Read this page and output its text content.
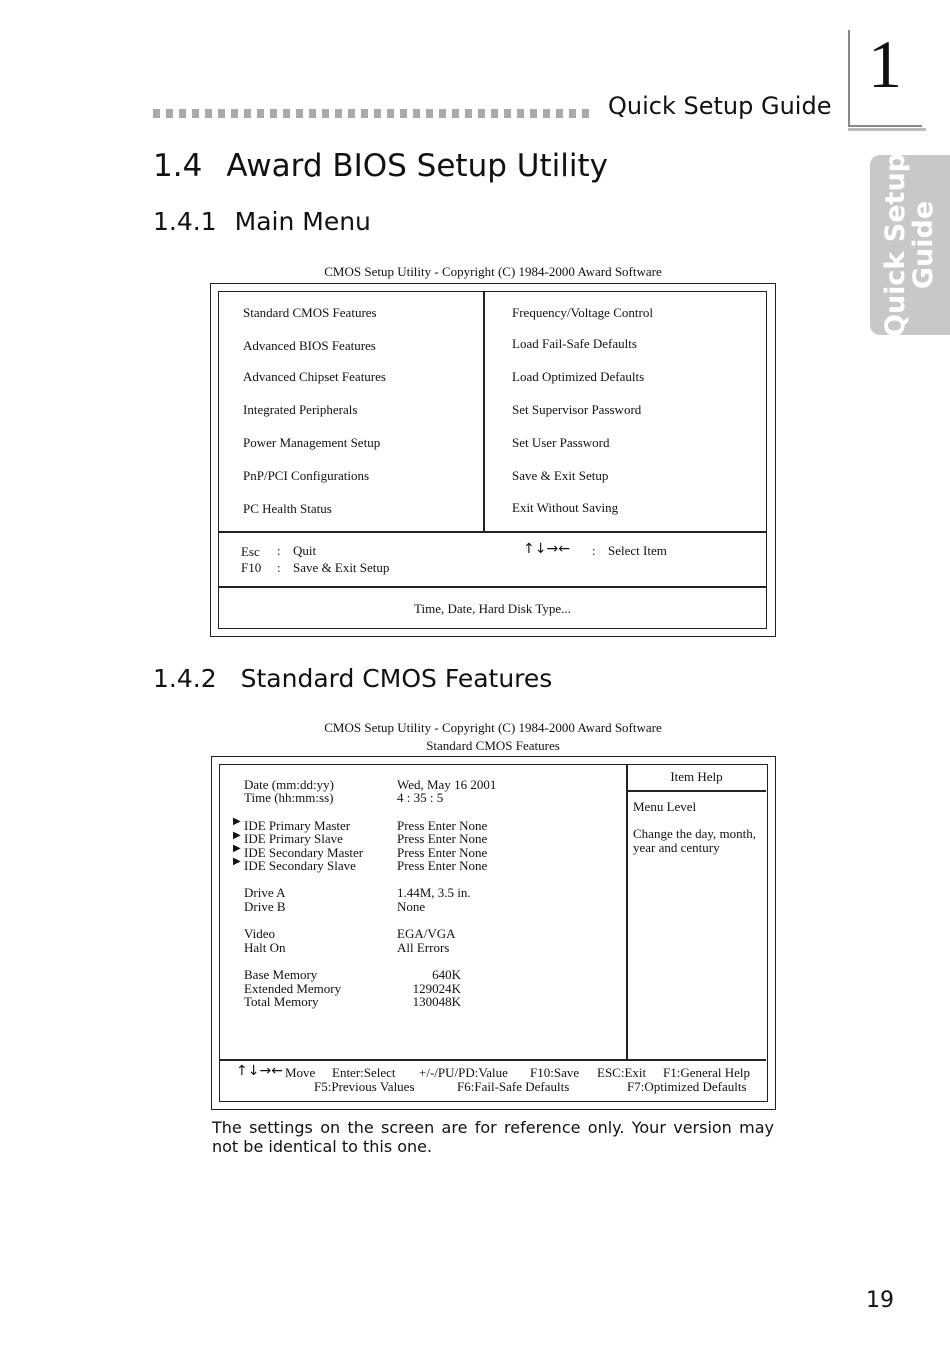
Quick Setup Guide
1
Quick Setup
Guide
1.4 Award BIOS Setup Utility
1.4.1 Main Menu
CMOS Setup Utility - Copyright (C) 1984-2000 Award Software
Standard CMOS Features
Advanced BIOS Features
Advanced Chipset Features
Integrated Peripherals
Power Management Setup
PnP/PCI Configurations
PC Health Status
Frequency/Voltage Control
Load Fail-Safe Defaults
Load Optimized Defaults
Set Supervisor Password
Set User Password
Save & Exit Setup
Exit Without Saving
Esc : Quit
F10 : Save & Exit Setup
↑↓→← : Select Item
Time, Date, Hard Disk Type...
1.4.2 Standard CMOS Features
CMOS Setup Utility - Copyright (C) 1984-2000 Award Software
Standard CMOS Features
Date (mm:dd:yy)	Wed, May 16 2001
Time (hh:mm:ss)	4 : 35 : 5
▶ IDE Primary Master	Press Enter None
▶ IDE Primary Slave	Press Enter None
▶ IDE Secondary Master	Press Enter None
▶ IDE Secondary Slave	Press Enter None
Drive A	1.44M, 3.5 in.
Drive B	None
Video	EGA/VGA
Halt On	All Errors
Base Memory	640K
Extended Memory	129024K
Total Memory	130048K
Item Help
Menu Level
Change the day, month,
year and century
↑↓→← Move Enter:Select +/-/PU/PD:Value F10:Save ESC:Exit F1:General Help
F5:Previous Values	F6:Fail-Safe Defaults	F7:Optimized Defaults
The settings on the screen are for reference only. Your version may not be identical to this one.
19
